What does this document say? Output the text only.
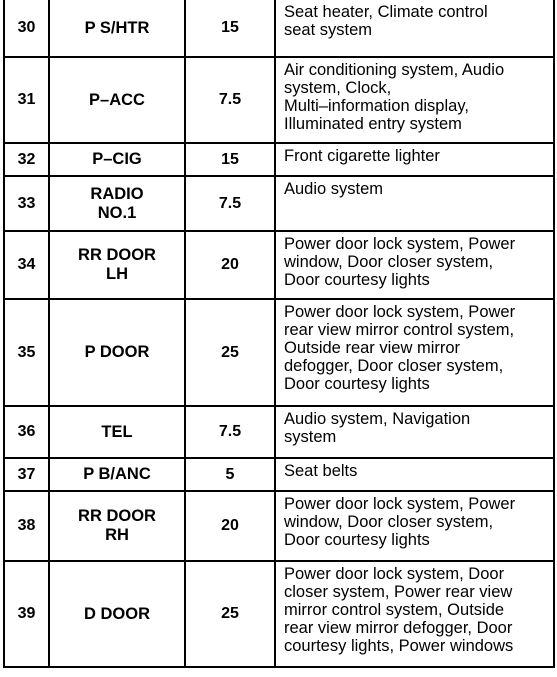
30	P S/HTR	15	Seat heater, Climate control
seat system

31	P–ACC	7.5	Air conditioning system, Audio
system, Clock,
Multi–information display,
Illuminated entry system

32	P–CIG	15	Front cigarette lighter

33	RADIO
NO.1	7.5	Audio system

34	RR DOOR
LH	20	Power door lock system, Power
window, Door closer system,
Door courtesy lights

35	P DOOR	25	Power door lock system, Power
rear view mirror control system,
Outside rear view mirror
defogger, Door closer system,
Door courtesy lights

36	TEL	7.5	Audio system, Navigation
system

37	P B/ANC	5	Seat belts

38	RR DOOR
RH	20	Power door lock system, Power
window, Door closer system,
Door courtesy lights

39	D DOOR	25	Power door lock system, Door
closer system, Power rear view
mirror control system, Outside
rear view mirror defogger, Door
courtesy lights, Power windows
